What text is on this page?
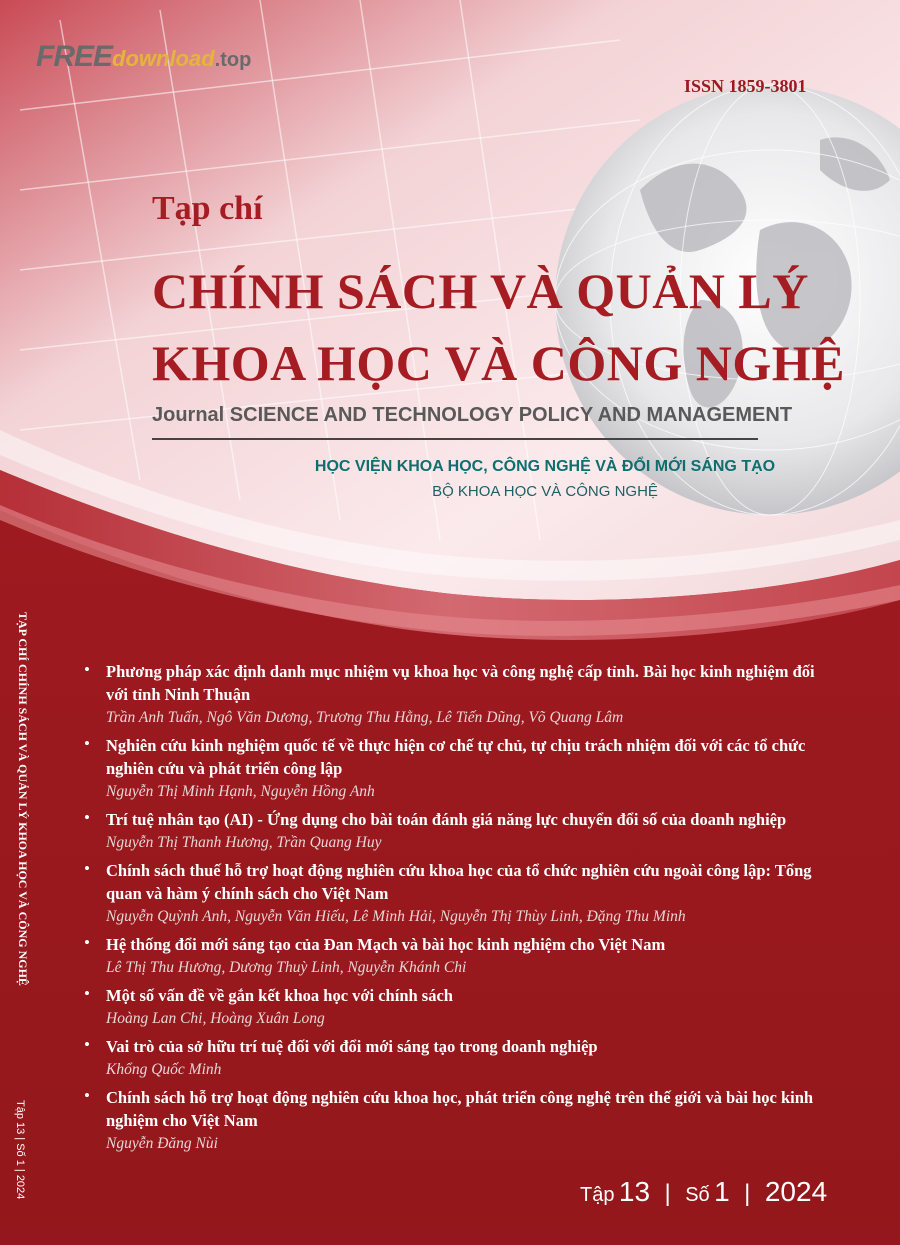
FREEdownload.top
ISSN 1859-3801
Tạp chí
CHÍNH SÁCH VÀ QUẢN LÝ
KHOA HỌC VÀ CÔNG NGHỆ
Journal SCIENCE AND TECHNOLOGY POLICY AND MANAGEMENT
HỌC VIỆN KHOA HỌC, CÔNG NGHỆ VÀ ĐỔI MỚI SÁNG TẠO
BỘ KHOA HỌC VÀ CÔNG NGHỆ
TẠP CHÍ CHÍNH SÁCH VÀ QUẢN LÝ KHOA HỌC VÀ CÔNG NGHỆ
Tập 13 | Số 1 | 2024
• Phương pháp xác định danh mục nhiệm vụ khoa học và công nghệ cấp tỉnh. Bài học kinh nghiệm đối với tỉnh Ninh Thuận
Trần Anh Tuấn, Ngô Văn Dương, Trương Thu Hằng, Lê Tiến Dũng, Võ Quang Lâm
• Nghiên cứu kinh nghiệm quốc tế về thực hiện cơ chế tự chủ, tự chịu trách nhiệm đối với các tổ chức nghiên cứu và phát triển công lập
Nguyễn Thị Minh Hạnh, Nguyễn Hồng Anh
• Trí tuệ nhân tạo (AI) - Ứng dụng cho bài toán đánh giá năng lực chuyển đổi số của doanh nghiệp
Nguyễn Thị Thanh Hương, Trần Quang Huy
• Chính sách thuế hỗ trợ hoạt động nghiên cứu khoa học của tổ chức nghiên cứu ngoài công lập: Tổng quan và hàm ý chính sách cho Việt Nam
Nguyễn Quỳnh Anh, Nguyễn Văn Hiếu, Lê Minh Hải, Nguyễn Thị Thùy Linh, Đặng Thu Minh
• Hệ thống đổi mới sáng tạo của Đan Mạch và bài học kinh nghiệm cho Việt Nam
Lê Thị Thu Hương, Dương Thuỳ Linh, Nguyễn Khánh Chi
• Một số vấn đề về gắn kết khoa học với chính sách
Hoàng Lan Chi, Hoàng Xuân Long
• Vai trò của sở hữu trí tuệ đối với đổi mới sáng tạo trong doanh nghiệp
Khổng Quốc Minh
• Chính sách hỗ trợ hoạt động nghiên cứu khoa học, phát triển công nghệ trên thế giới và bài học kinh nghiệm cho Việt Nam
Nguyễn Đăng Nùi
Tập 13 | Số 1 | 2024
